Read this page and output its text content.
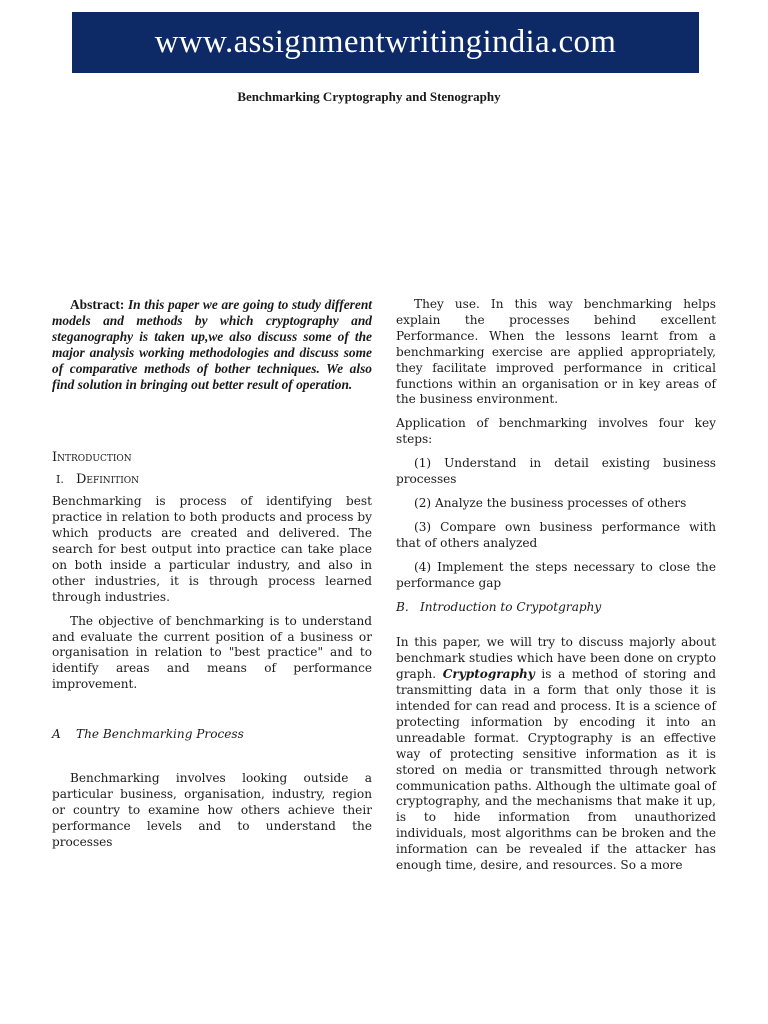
www.assignmentwritingindia.com
Benchmarking Cryptography and Stenography

Abstract: In this paper we are going to study different models and methods by which cryptography and steganography is taken up,we also discuss some of the major analysis working methodologies and discuss some of comparative methods of bother techniques. We also find solution in bringing out better result of operation.

Introduction
I. Definition

Benchmarking is process of identifying best practice in relation to both products and process by which products are created and delivered. The search for best output into practice can take place on both inside a particular industry, and also in other industries, it is through process learned through industries.

The objective of benchmarking is to understand and evaluate the current position of a business or organisation in relation to "best practice" and to identify areas and means of performance improvement.

A The Benchmarking Process

Benchmarking involves looking outside a particular business, organisation, industry, region or country to examine how others achieve their performance levels and to understand the processes

They use. In this way benchmarking helps explain the processes behind excellent Performance. When the lessons learnt from a benchmarking exercise are applied appropriately, they facilitate improved performance in critical functions within an organisation or in key areas of the business environment.

Application of benchmarking involves four key steps:

(1) Understand in detail existing business processes

(2) Analyze the business processes of others

(3) Compare own business performance with that of others analyzed

(4) Implement the steps necessary to close the performance gap

B. Introduction to Crypotgraphy

In this paper, we will try to discuss majorly about benchmark studies which have been done on crypto graph. Cryptography is a method of storing and transmitting data in a form that only those it is intended for can read and process. It is a science of protecting information by encoding it into an unreadable format. Cryptography is an effective way of protecting sensitive information as it is stored on media or transmitted through network communication paths. Although the ultimate goal of cryptography, and the mechanisms that make it up, is to hide information from unauthorized individuals, most algorithms can be broken and the information can be revealed if the attacker has enough time, desire, and resources. So a more
